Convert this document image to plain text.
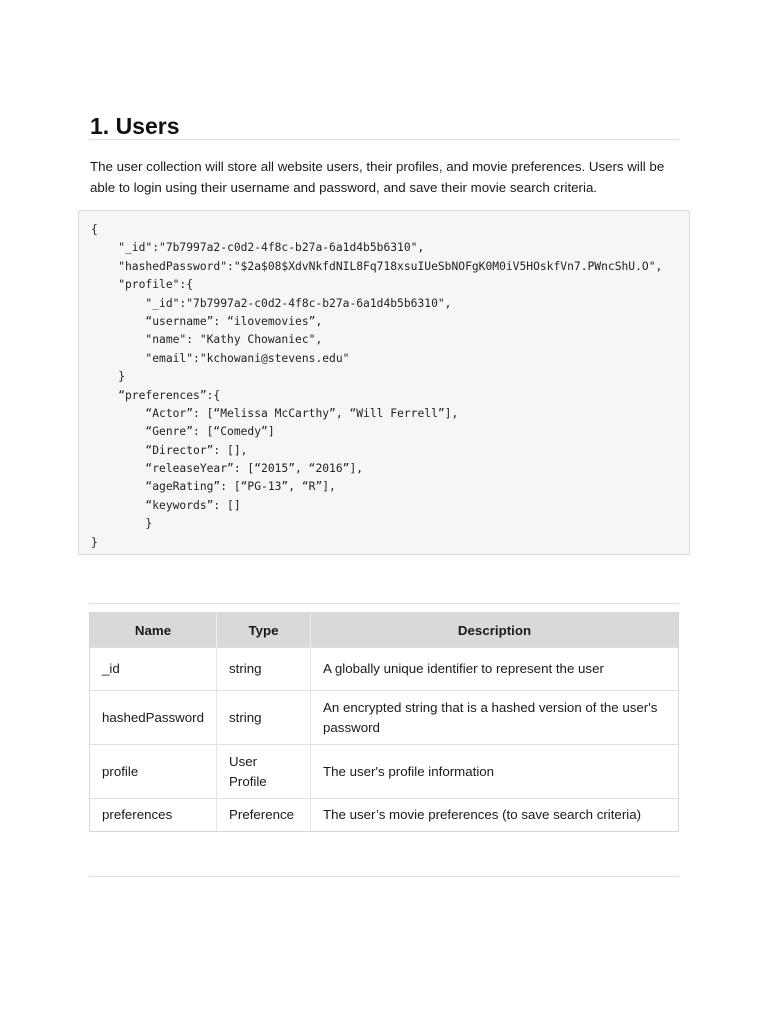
1. Users

The user collection will store all website users, their profiles, and movie preferences. Users will be able to login using their username and password, and save their movie search criteria.

{
"_id":"7b7997a2-c0d2-4f8c-b27a-6a1d4b5b6310",
"hashedPassword":"$2a$08$XdvNkfdNIL8Fq718xsuIUeSbNOFgK0M0iV5HOskfVn7.PWncShU.O",
"profile":{
"_id":"7b7997a2-c0d2-4f8c-b27a-6a1d4b5b6310",
“username”: “ilovemovies”,
"name": "Kathy Chowaniec",
"email":"kchowani@stevens.edu"
}
“preferences”:{
“Actor”: [“Melissa McCarthy”, “Will Ferrell”],
“Genre”: [“Comedy”]
“Director”: [],
“releaseYear”: [“2015”, “2016”],
“ageRating”: [“PG-13”, “R”],
“keywords”: []
}
}
Name	Type	Description
_id	string	A globally unique identifier to represent the user
hashedPassword	string	An encrypted string that is a hashed version of the user's password
profile	User Profile	The user's profile information
preferences	Preference	The user’s movie preferences (to save search criteria)
